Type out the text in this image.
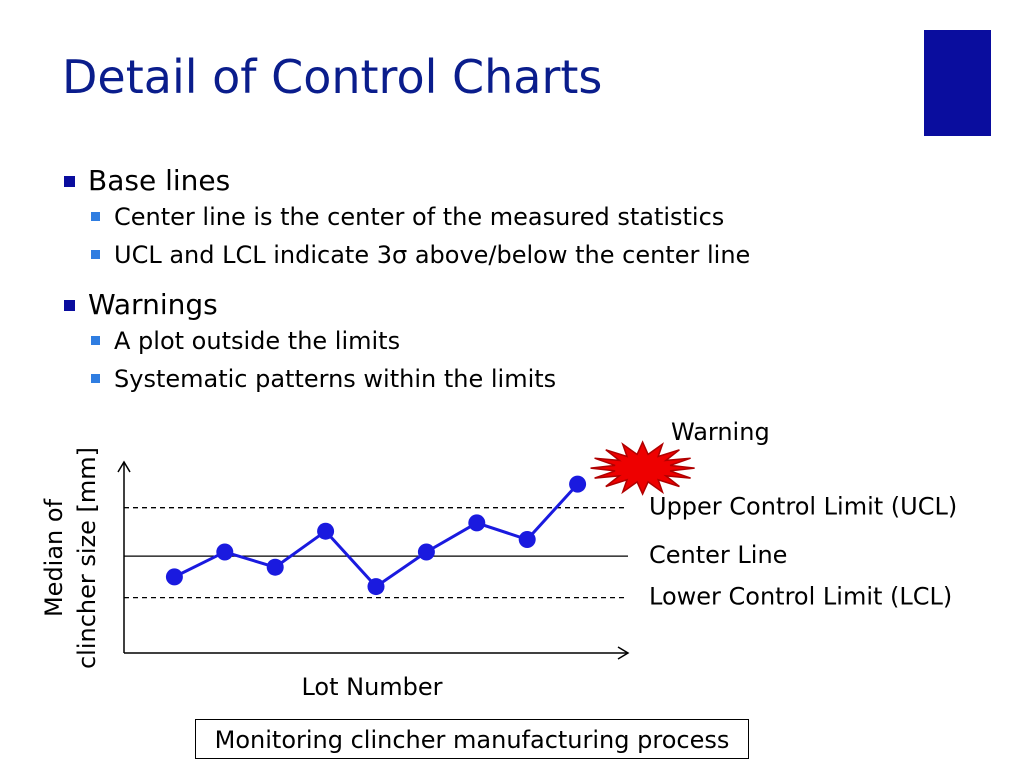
Detail of Control Charts
Base lines
Center line is the center of the measured statistics
UCL and LCL indicate 3σ above/below the center line
Warnings
A plot outside the limits
Systematic patterns within the limits
Upper Control Limit (UCL)
Center Line
Lower Control Limit (LCL)
Warning
Lot Number
Median of clincher size [mm]
Monitoring clincher manufacturing process
